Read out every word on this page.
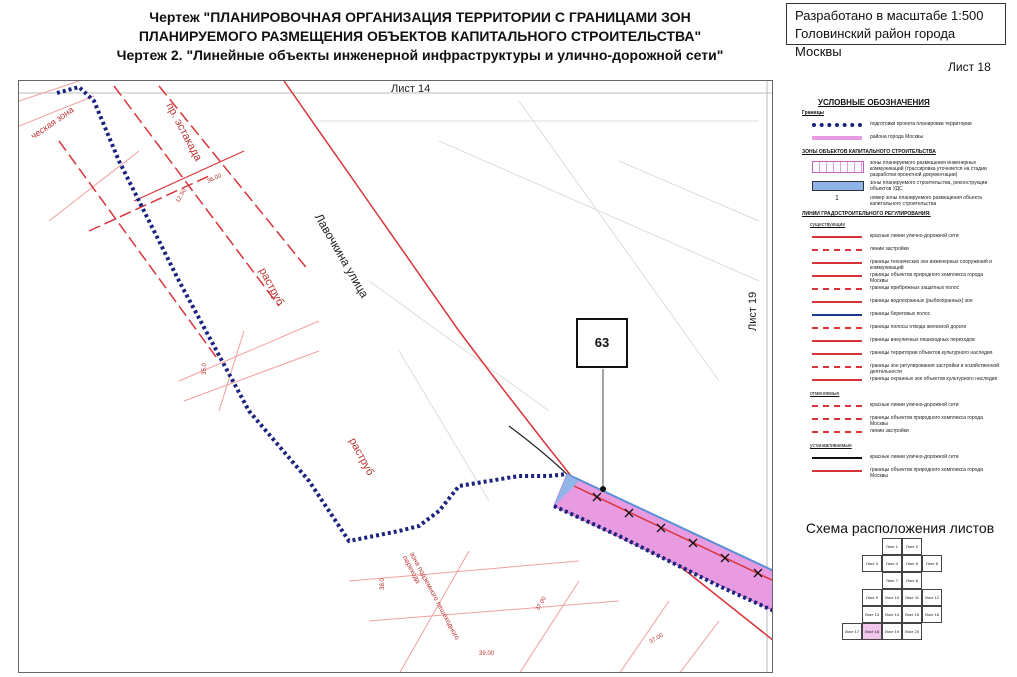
Чертеж "ПЛАНИРОВОЧНАЯ ОРГАНИЗАЦИЯ ТЕРРИТОРИИ С ГРАНИЦАМИ ЗОН
ПЛАНИРУЕМОГО РАЗМЕЩЕНИЯ ОБЪЕКТОВ КАПИТАЛЬНОГО СТРОИТЕЛЬСТВА"
Чертеж 2. "Линейные объекты инженерной инфраструктуры и улично-дорожной сети"
Разработано в масштабе 1:500
Головинский район города Москвы
Лист 18
Лист 14
Лист 19
Лавочкина улица
пр. эстакада
раструб
раструб
ческая зона
зона подземного пешеходного перехода
36.00
12.50
35.0
37.00
37.00
39.00
38.0
63
УСЛОВНЫЕ ОБОЗНАЧЕНИЯ
Границы
подготовки проекта планировки территории
района города Москвы
ЗОНЫ ОБЪЕКТОВ КАПИТАЛЬНОГО СТРОИТЕЛЬСТВА
зоны планируемого размещения инженерных коммуникаций (трассировка уточняется на стадии разработки проектной документации)
зоны планируемого строительства, реконструкции объектов УДС
1	номер зоны планируемого размещения объекта капитального строительства
ЛИНИИ ГРАДОСТРОИТЕЛЬНОГО РЕГУЛИРОВАНИЯ:
существующие
красные линии улично-дорожной сети
линии застройки
границы технических зон инженерных сооружений и коммуникаций
границы объектов природного комплекса города Москвы
границы прибрежных защитных полос
границы водоохранных (рыбоохранных) зон
границы береговых полос
границы полосы отвода железной дороги
границы внеуличных пешеходных переходов
границы территории объектов культурного наследия
границы зон регулирования застройки и хозяйственной деятельности
границы охранных зон объектов культурного наследия
отменяемые
красные линии улично-дорожной сети
границы объектов природного комплекса города Москвы
линии застройки
устанавливаемые
красные линии улично-дорожной сети
границы объектов природного комплекса города Москвы
Схема расположения листов
Лист 1	Лист 2
Лист 3	Лист 4	Лист 5	Лист 6
Лист 7	Лист 8
Лист 9	Лист 10	Лист 11	Лист 12
Лист 13	Лист 14	Лист 15	Лист 16
Лист 17	Лист 18	Лист 19	Лист 20
